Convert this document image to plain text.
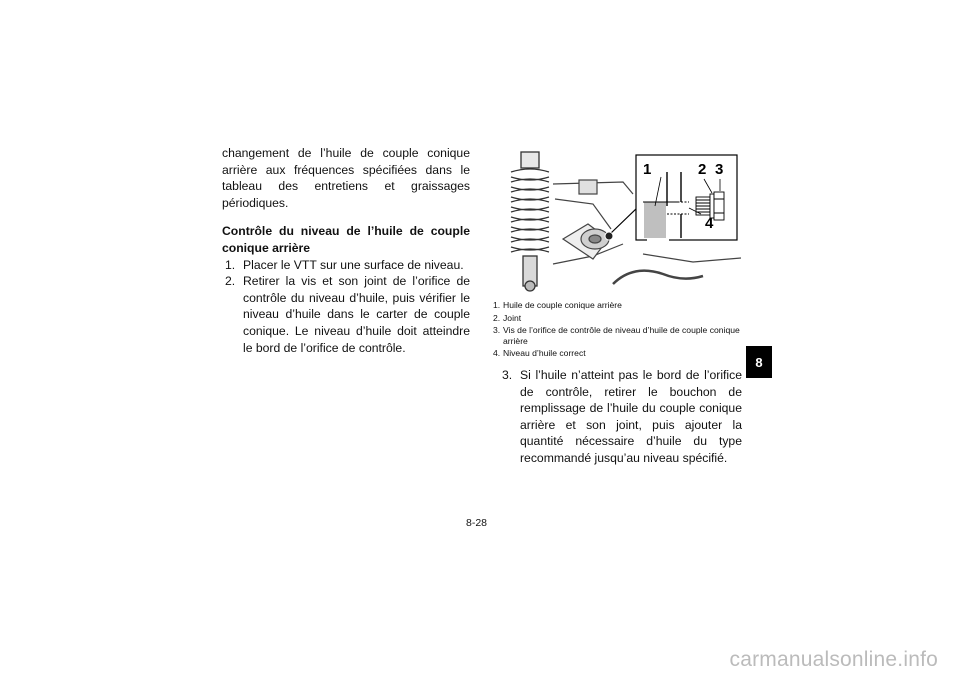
changement de l’huile de couple conique arrière aux fréquences spécifiées dans le tableau des entretiens et graissages périodiques.

Contrôle du niveau de l’huile de couple conique arrière

1. Placer le VTT sur une surface de niveau.
2. Retirer la vis et son joint de l’orifice de contrôle du niveau d’huile, puis vérifier le niveau d’huile dans le carter de couple conique. Le niveau d’huile doit atteindre le bord de l’orifice de contrôle.
1	2 3
4
1. Huile de couple conique arrière
2. Joint
3. Vis de l’orifice de contrôle de niveau d’huile de couple conique arrière
4. Niveau d’huile correct
3. Si l’huile n’atteint pas le bord de l’orifice de contrôle, retirer le bouchon de remplissage de l’huile du couple conique arrière et son joint, puis ajouter la quantité nécessaire d’huile du type recommandé jusqu’au niveau spécifié.
8
8-28
carmanualsonline.info
